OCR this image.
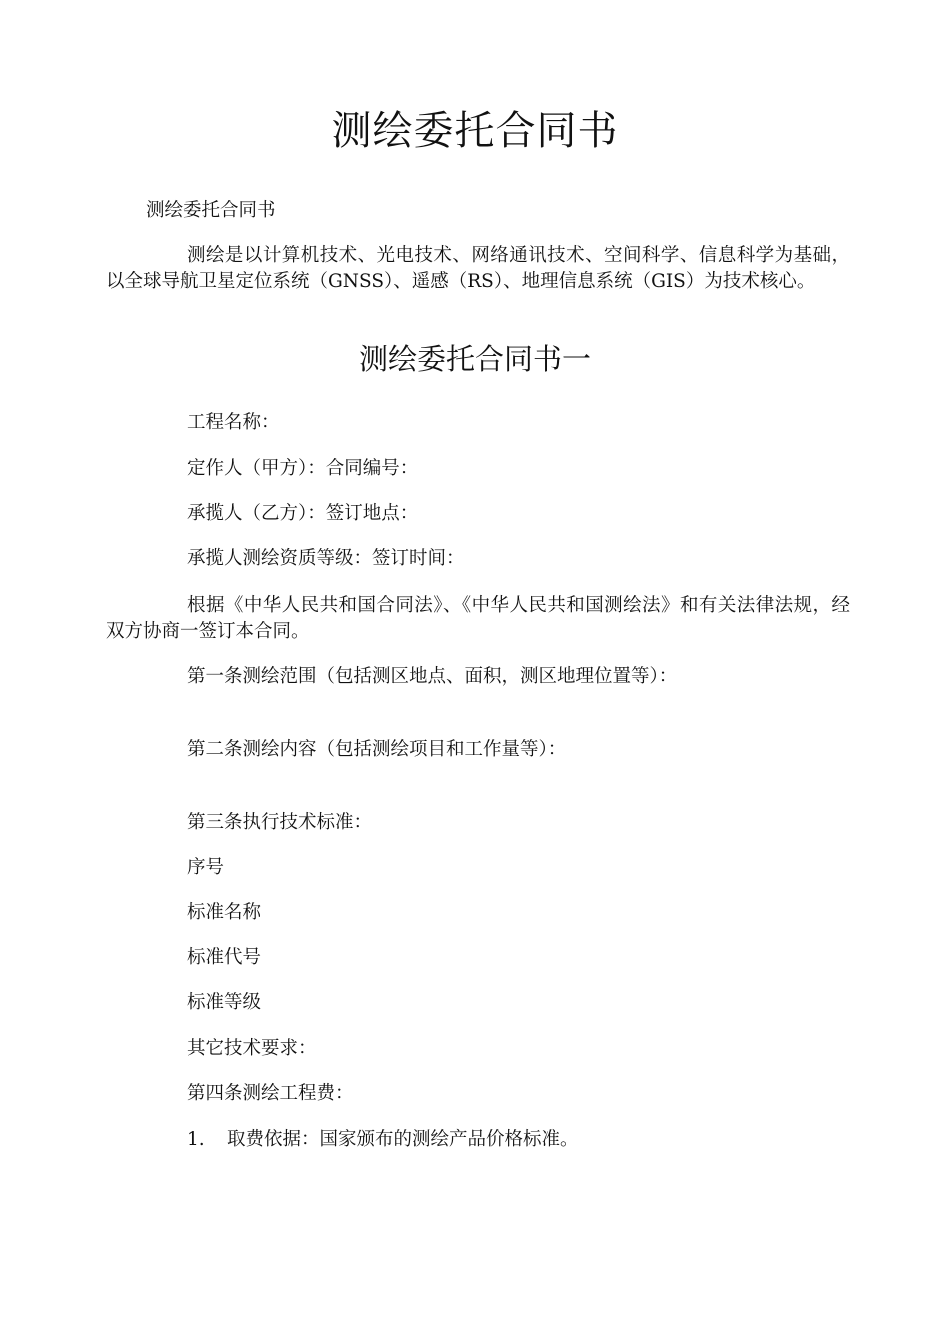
测绘委托合同书
测绘委托合同书
测绘是以计算机技术、光电技术、网络通讯技术、空间科学、信息科学为基础，以全球导航卫星定位系统（GNSS）、遥感（RS）、地理信息系统（GIS）为技术核心。
测绘委托合同书一
工程名称：
定作人（甲方）：合同编号：
承揽人（乙方）：签订地点：
承揽人测绘资质等级：签订时间：
根据《中华人民共和国合同法》、《中华人民共和国测绘法》和有关法律法规，经双方协商一签订本合同。
第一条测绘范围（包括测区地点、面积，测区地理位置等）：
第二条测绘内容（包括测绘项目和工作量等）：
第三条执行技术标准：
序号
标准名称
标准代号
标准等级
其它技术要求：
第四条测绘工程费：
1. 取费依据：国家颁布的测绘产品价格标准。
